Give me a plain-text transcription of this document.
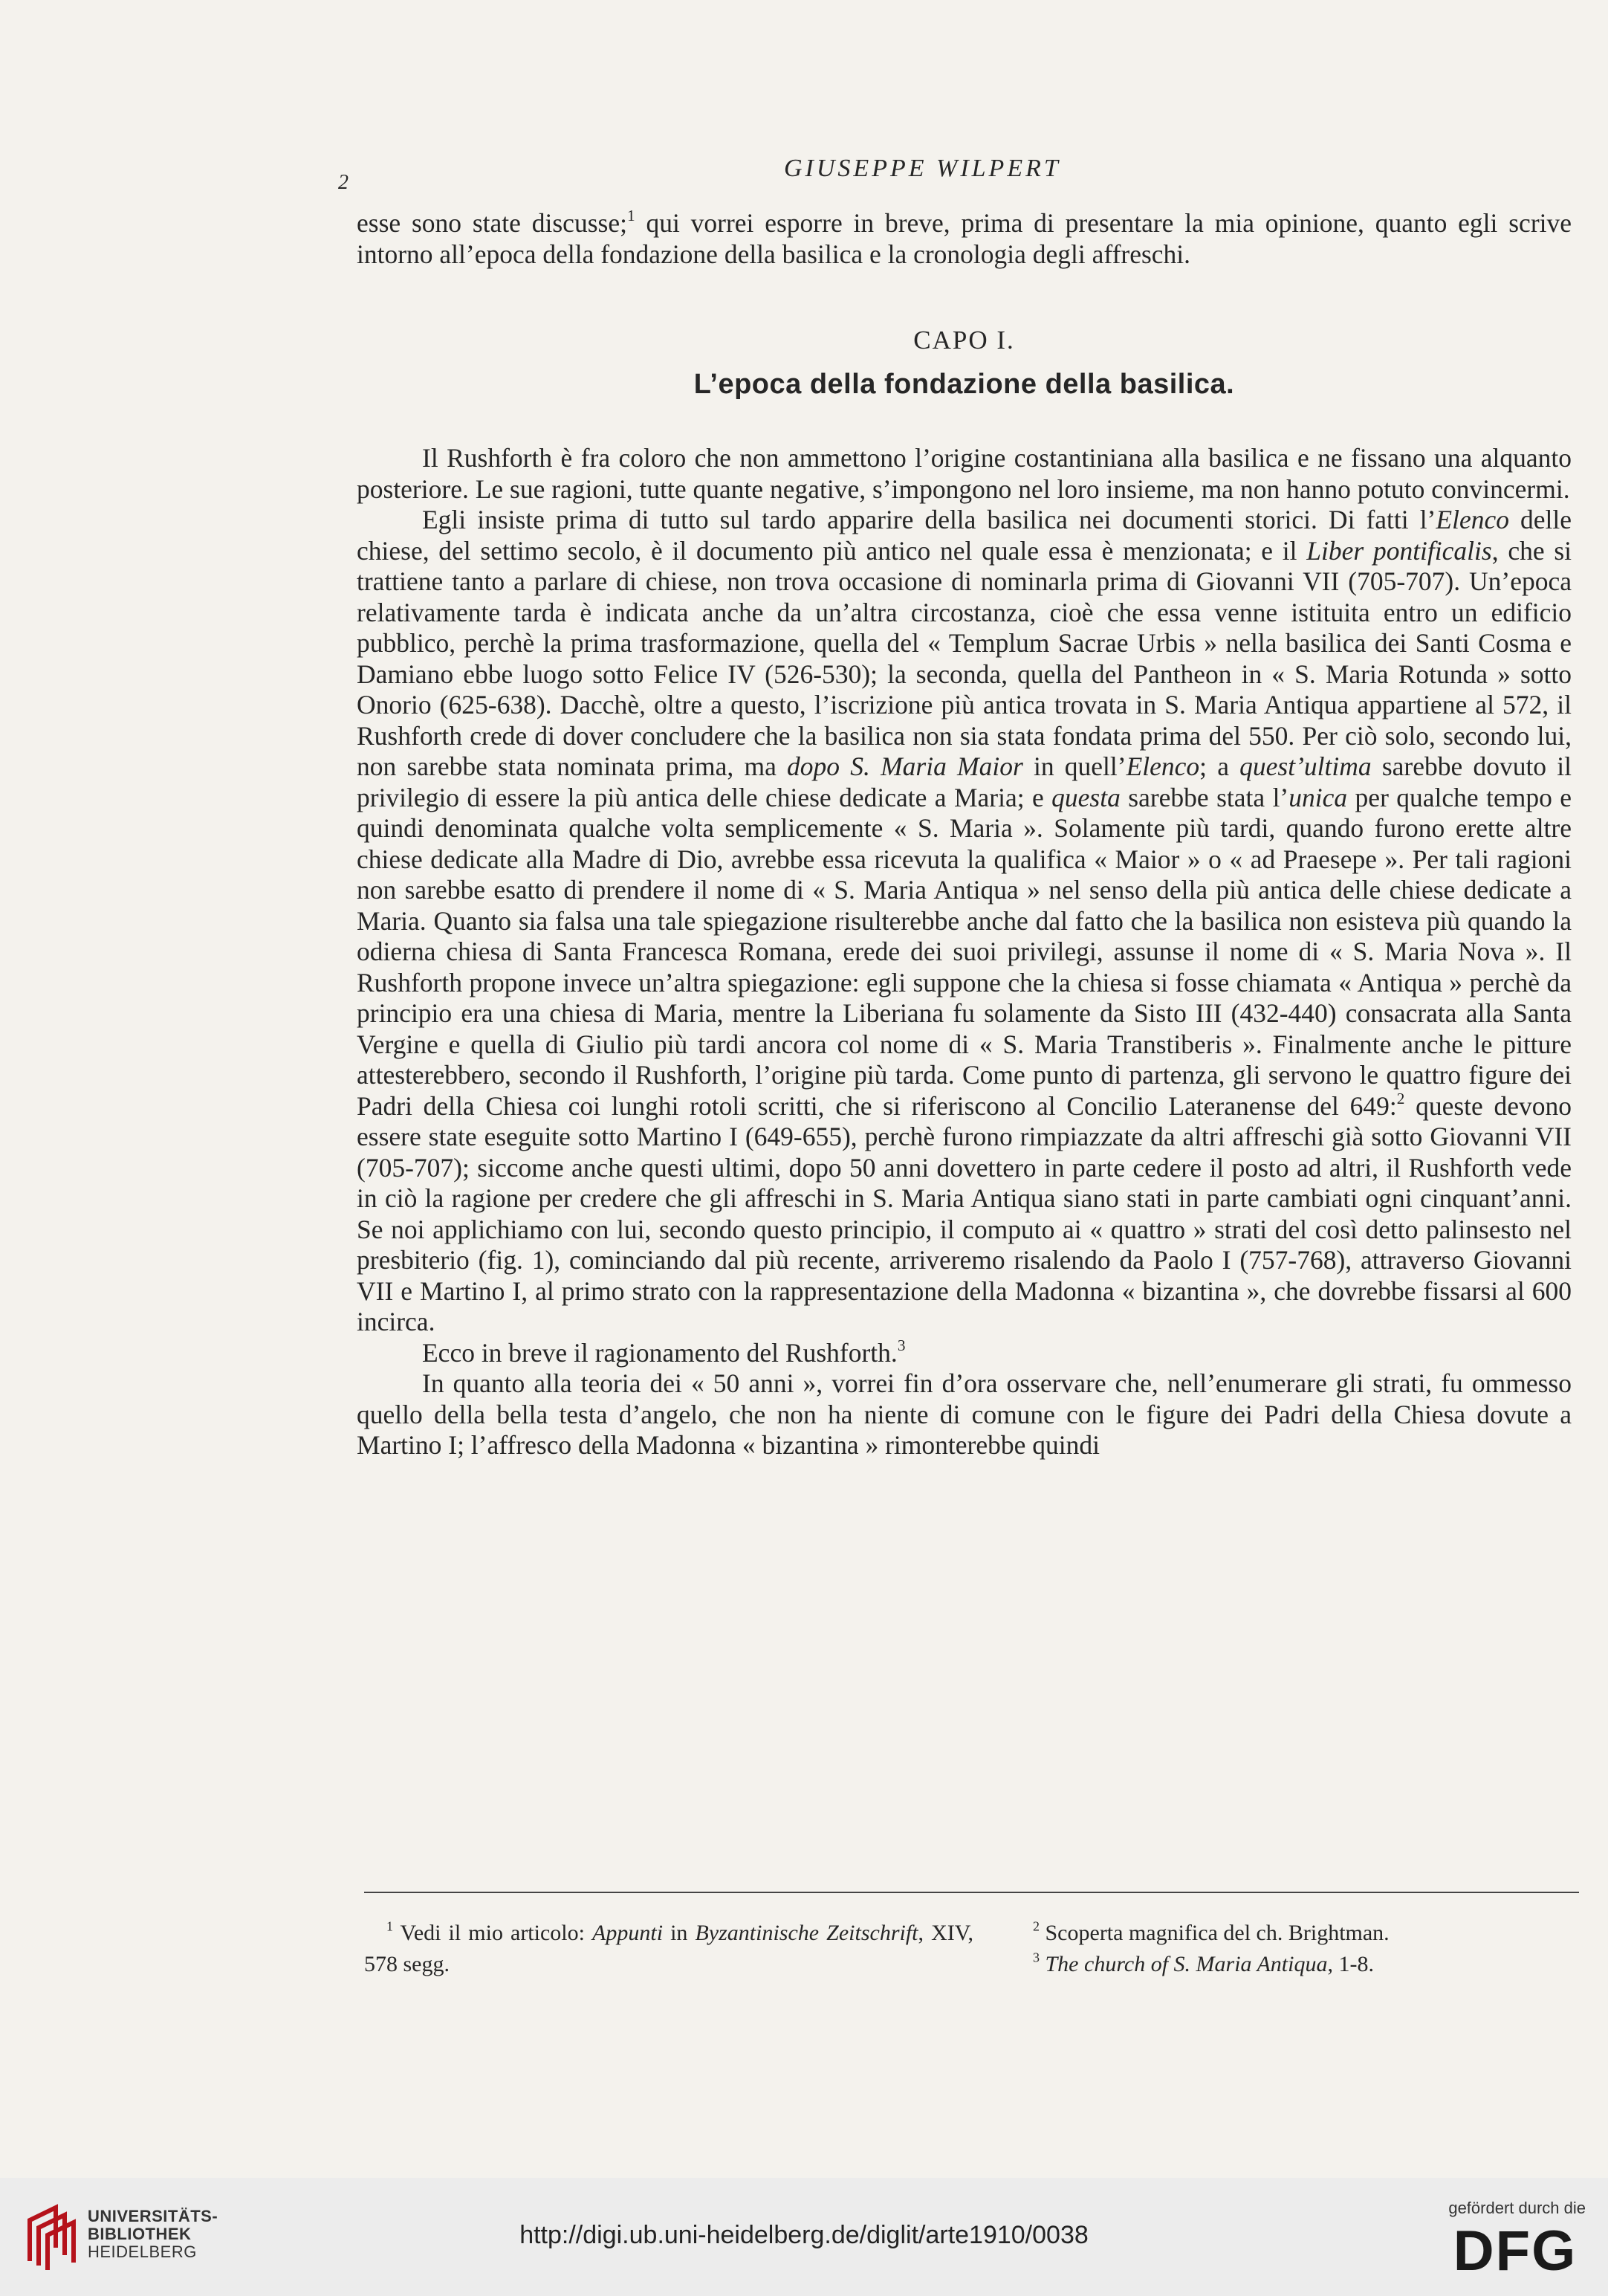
2
GIUSEPPE WILPERT

esse sono state discusse;$^1$ qui vorrei esporre in breve, prima di presentare la mia opinione, quanto egli scrive intorno all’epoca della fondazione della basilica e la cronologia degli affreschi.

CAPO I.

L’epoca della fondazione della basilica.

Il Rushforth è fra coloro che non ammettono l’origine costantiniana alla basilica e ne fissano una alquanto posteriore. Le sue ragioni, tutte quante negative, s’impongono nel loro insieme, ma non hanno potuto convincermi.

Egli insiste prima di tutto sul tardo apparire della basilica nei documenti storici. Di fatti l’Elenco delle chiese, del settimo secolo, è il documento più antico nel quale essa è menzionata; e il Liber pontificalis, che si trattiene tanto a parlare di chiese, non trova occasione di nominarla prima di Giovanni VII (705-707). Un’epoca relativamente tarda è indicata anche da un’altra circostanza, cioè che essa venne istituita entro un edificio pubblico, perchè la prima trasformazione, quella del « Templum Sacrae Urbis » nella basilica dei Santi Cosma e Damiano ebbe luogo sotto Felice IV (526-530); la seconda, quella del Pantheon in « S. Maria Rotunda » sotto Onorio (625-638). Dacchè, oltre a questo, l’iscrizione più antica trovata in S. Maria Antiqua appartiene al 572, il Rushforth crede di dover concludere che la basilica non sia stata fondata prima del 550. Per ciò solo, secondo lui, non sarebbe stata nominata prima, ma dopo S. Maria Maior in quell’Elenco; a quest’ultima sarebbe dovuto il privilegio di essere la più antica delle chiese dedicate a Maria; e questa sarebbe stata l’unica per qualche tempo e quindi denominata qualche volta semplicemente « S. Maria ». Solamente più tardi, quando furono erette altre chiese dedicate alla Madre di Dio, avrebbe essa ricevuta la qualifica « Maior » o « ad Praesepe ». Per tali ragioni non sarebbe esatto di prendere il nome di « S. Maria Antiqua » nel senso della più antica delle chiese dedicate a Maria. Quanto sia falsa una tale spiegazione risulterebbe anche dal fatto che la basilica non esisteva più quando la odierna chiesa di Santa Francesca Romana, erede dei suoi privilegi, assunse il nome di « S. Maria Nova ». Il Rushforth propone invece un’altra spiegazione: egli suppone che la chiesa si fosse chiamata « Antiqua » perchè da principio era una chiesa di Maria, mentre la Liberiana fu solamente da Sisto III (432-440) consacrata alla Santa Vergine e quella di Giulio più tardi ancora col nome di « S. Maria Transtiberis ». Finalmente anche le pitture attesterebbero, secondo il Rushforth, l’origine più tarda. Come punto di partenza, gli servono le quattro figure dei Padri della Chiesa coi lunghi rotoli scritti, che si riferiscono al Concilio Lateranense del 649:$^2$ queste devono essere state eseguite sotto Martino I (649-655), perchè furono rimpiazzate da altri affreschi già sotto Giovanni VII (705-707); siccome anche questi ultimi, dopo 50 anni dovettero in parte cedere il posto ad altri, il Rushforth vede in ciò la ragione per credere che gli affreschi in S. Maria Antiqua siano stati in parte cambiati ogni cinquant’anni. Se noi applichiamo con lui, secondo questo principio, il computo ai « quattro » strati del così detto palinsesto nel presbiterio (fig. 1), cominciando dal più recente, arriveremo risalendo da Paolo I (757-768), attraverso Giovanni VII e Martino I, al primo strato con la rappresentazione della Madonna « bizantina », che dovrebbe fissarsi al 600 incirca.

Ecco in breve il ragionamento del Rushforth.$^3$

In quanto alla teoria dei « 50 anni », vorrei fin d’ora osservare che, nell’enumerare gli strati, fu ommesso quello della bella testa d’angelo, che non ha niente di comune con le figure dei Padri della Chiesa dovute a Martino I; l’affresco della Madonna « bizantina » rimonterebbe quindi

$^1$ Vedi il mio articolo: Appunti in Byzantinische Zeitschrift, XIV, 578 segg.

$^2$ Scoperta magnifica del ch. Brightman.

$^3$ The church of S. Maria Antiqua, 1-8.

UNIVERSITÄTS-
BIBLIOTHEK
HEIDELBERG
http://digi.ub.uni-heidelberg.de/diglit/arte1910/0038
gefördert durch die
DFG
